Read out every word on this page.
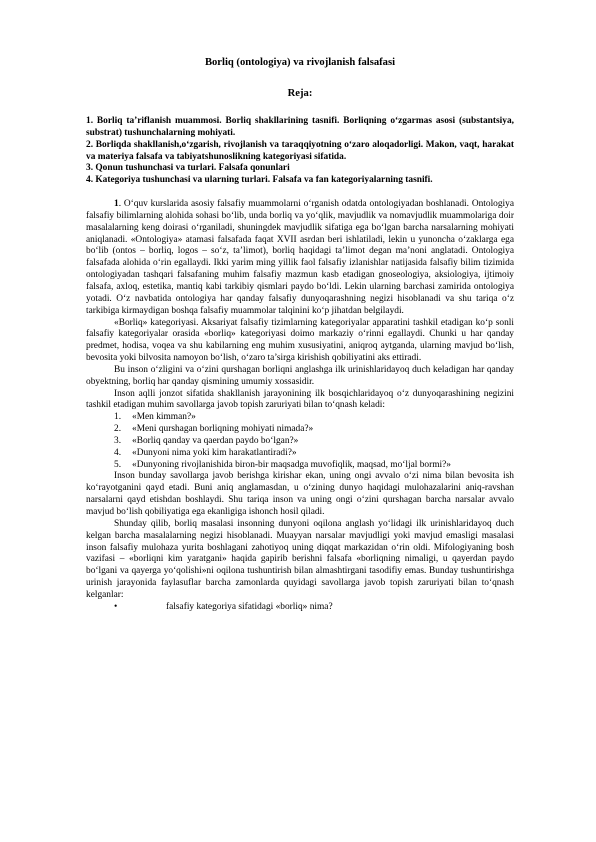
Borliq (ontologiya) va rivojlanish falsafasi

Reja:

1. Borliq ta’riflanish muammosi. Borliq shakllarining tasnifi. Borliqning o‘zgarmas asosi (substantsiya, substrat) tushunchalarning mohiyati.

2. Borliqda shakllanish,o‘zgarish, rivojlanish va taraqqiyotning o‘zaro aloqadorligi. Makon, vaqt, harakat va materiya falsafa va tabiyatshunoslikning kategoriyasi sifatida.

3. Qonun tushunchasi va turlari. Falsafa qonunlari

4. Kategoriya tushunchasi va ularning turlari. Falsafa va fan kategoriyalarning tasnifi.

1. O‘quv kurslarida asosiy falsafiy muammolarni o‘rganish odatda ontologiyadan boshlanadi. Ontologiya falsafiy bilimlarning alohida sohasi bo‘lib, unda borliq va yo‘qlik, mavjudlik va nomavjudlik muammolariga doir masalalarning keng doirasi o‘rganiladi, shuningdek mavjudlik sifatiga ega bo‘lgan barcha narsalarning mohiyati aniqlanadi. «Ontologiya» atamasi falsafada faqat XVII asrdan beri ishlatiladi, lekin u yunoncha o‘zaklarga ega bo‘lib (ontos – borliq, logos – so‘z, ta’limot), borliq haqidagi ta’limot degan ma’noni anglatadi. Ontologiya falsafada alohida o‘rin egallaydi. Ikki yarim ming yillik faol falsafiy izlanishlar natijasida falsafiy bilim tizimida ontologiyadan tashqari falsafaning muhim falsafiy mazmun kasb etadigan gnoseologiya, aksiologiya, ijtimoiy falsafa, axloq, estetika, mantiq kabi tarkibiy qismlari paydo bo‘ldi. Lekin ularning barchasi zamirida ontologiya yotadi. O‘z navbatida ontologiya har qanday falsafiy dunyoqarashning negizi hisoblanadi va shu tariqa o‘z tarkibiga kirmaydigan boshqa falsafiy muammolar talqinini ko‘p jihatdan belgilaydi.

«Borliq» kategoriyasi. Aksariyat falsafiy tizimlarning kategoriyalar apparatini tashkil etadigan ko‘p sonli falsafiy kategoriyalar orasida «borliq» kategoriyasi doimo markaziy o‘rinni egallaydi. Chunki u har qanday predmet, hodisa, voqea va shu kabilarning eng muhim xususiyatini, aniqroq aytganda, ularning mavjud bo‘lish, bevosita yoki bilvosita namoyon bo‘lish, o‘zaro ta’sirga kirishish qobiliyatini aks ettiradi.

Bu inson o‘zligini va o‘zini qurshagan borliqni anglashga ilk urinishlaridayoq duch keladigan har qanday obyektning, borliq har qanday qismining umumiy xossasidir.

Inson aqlli jonzot sifatida shakllanish jarayonining ilk bosqichlaridayoq o‘z dunyoqarashining negizini tashkil etadigan muhim savollarga javob topish zaruriyati bilan to‘qnash keladi:

1. «Men kimman?»
2. «Meni qurshagan borliqning mohiyati nimada?»
3. «Borliq qanday va qaerdan paydo bo‘lgan?»
4. «Dunyoni nima yoki kim harakatlantiradi?»
5. «Dunyoning rivojlanishida biron-bir maqsadga muvofiqlik, maqsad, mo‘ljal bormi?»

Inson bunday savollarga javob berishga kirishar ekan, uning ongi avvalo o‘zi nima bilan bevosita ish ko‘rayotganini qayd etadi. Buni aniq anglamasdan, u o‘zining dunyo haqidagi mulohazalarini aniq-ravshan narsalarni qayd etishdan boshlaydi. Shu tariqa inson va uning ongi o‘zini qurshagan barcha narsalar avvalo mavjud bo‘lish qobiliyatiga ega ekanligiga ishonch hosil qiladi.

Shunday qilib, borliq masalasi insonning dunyoni oqilona anglash yo‘lidagi ilk urinishlaridayoq duch kelgan barcha masalalarning negizi hisoblanadi. Muayyan narsalar mavjudligi yoki mavjud emasligi masalasi inson falsafiy mulohaza yurita boshlagani zahotiyoq uning diqqat markazidan o‘rin oldi. Mifologiyaning bosh vazifasi – «borliqni kim yaratgani» haqida gapirib berishni falsafa «borliqning nimaligi, u qayerdan paydo bo‘lgani va qayerga yo‘qolishi»ni oqilona tushuntirish bilan almashtirgani tasodifiy emas. Bunday tushuntirishga urinish jarayonida faylasuflar barcha zamonlarda quyidagi savollarga javob topish zaruriyati bilan to‘qnash kelganlar:

•	falsafiy kategoriya sifatidagi «borliq» nima?
